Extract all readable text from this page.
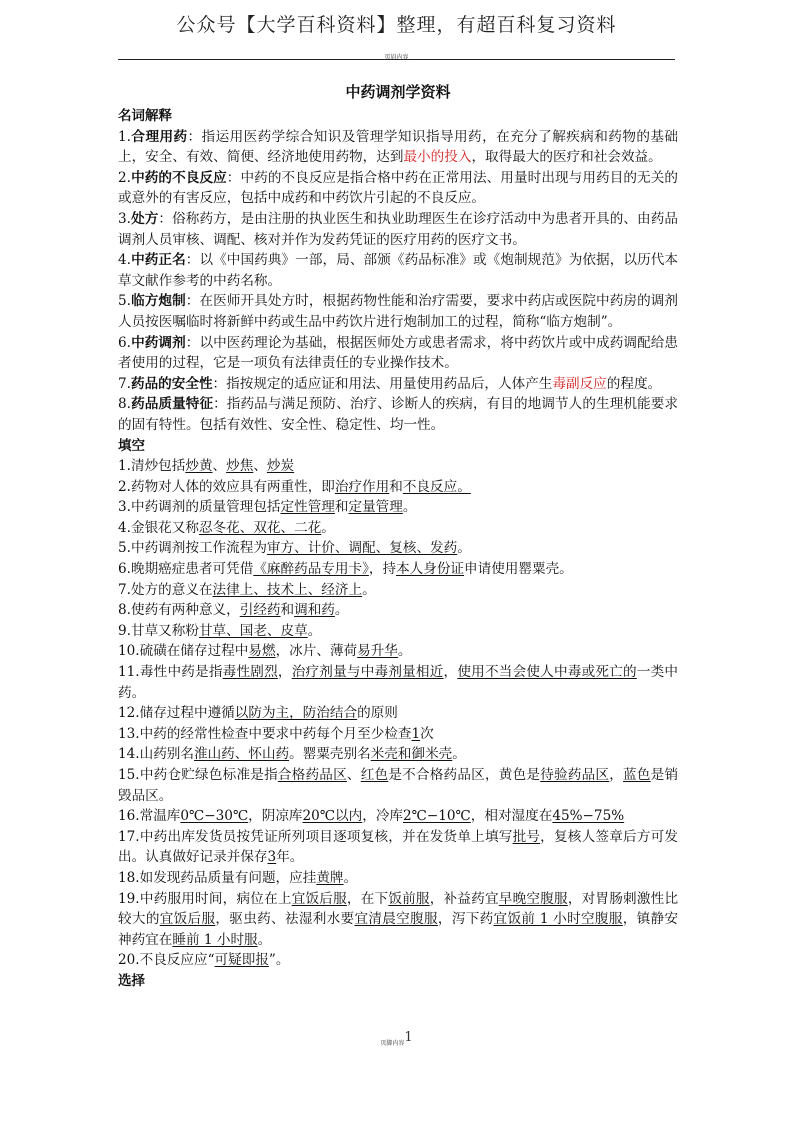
公众号【大学百科资料】整理，有超百科复习资料
页眉内容
中药调剂学资料
名词解释

1.合理用药：指运用医药学综合知识及管理学知识指导用药，在充分了解疾病和药物的基础上，安全、有效、简便、经济地使用药物，达到最小的投入，取得最大的医疗和社会效益。

2.中药的不良反应：中药的不良反应是指合格中药在正常用法、用量时出现与用药目的无关的或意外的有害反应，包括中成药和中药饮片引起的不良反应。

3.处方：俗称药方，是由注册的执业医生和执业助理医生在诊疗活动中为患者开具的、由药品调剂人员审核、调配、核对并作为发药凭证的医疗用药的医疗文书。

4.中药正名：以《中国药典》一部，局、部颁《药品标准》或《炮制规范》为依据，以历代本草文献作参考的中药名称。

5.临方炮制：在医师开具处方时，根据药物性能和治疗需要，要求中药店或医院中药房的调剂人员按医嘱临时将新鲜中药或生品中药饮片进行炮制加工的过程，简称“临方炮制”。

6.中药调剂：以中医药理论为基础，根据医师处方或患者需求，将中药饮片或中成药调配给患者使用的过程，它是一项负有法律责任的专业操作技术。

7.药品的安全性：指按规定的适应证和用法、用量使用药品后，人体产生毒副反应的程度。

8.药品质量特征：指药品与满足预防、治疗、诊断人的疾病，有目的地调节人的生理机能要求的固有特性。包括有效性、安全性、稳定性、均一性。

填空

1.清炒包括炒黄、炒焦、炒炭

2.药物对人体的效应具有两重性，即治疗作用和不良反应。

3.中药调剂的质量管理包括定性管理和定量管理。

4.金银花又称忍冬花、双花、二花。

5.中药调剂按工作流程为审方、计价、调配、复核、发药。

6.晚期癌症患者可凭借《麻醉药品专用卡》，持本人身份证申请使用罂粟壳。

7.处方的意义在法律上、技术上、经济上。

8.使药有两种意义，引经药和调和药。

9.甘草又称粉甘草、国老、皮草。

10.硫磺在储存过程中易燃，冰片、薄荷易升华。

11.毒性中药是指毒性剧烈，治疗剂量与中毒剂量相近，使用不当会使人中毒或死亡的一类中药。

12.储存过程中遵循以防为主，防治结合的原则

13.中药的经常性检查中要求中药每个月至少检查1次

14.山药别名淮山药、怀山药。罂粟壳别名米壳和御米壳。

15.中药仓贮绿色标准是指合格药品区、红色是不合格药品区，黄色是待验药品区，蓝色是销毁品区。

16.常温库0℃−30℃，阴凉库20℃以内，冷库2℃−10℃，相对湿度在45%−75%

17.中药出库发货员按凭证所列项目逐项复核，并在发货单上填写批号，复核人签章后方可发出。认真做好记录并保存3年。

18.如发现药品质量有问题，应挂黄牌。

19.中药服用时间，病位在上宜饭后服，在下饭前服，补益药宜早晚空腹服，对胃肠刺激性比较大的宜饭后服，驱虫药、祛湿利水要宜清晨空腹服，泻下药宜饭前 1 小时空腹服，镇静安神药宜在睡前 1 小时服。

20.不良反应应“可疑即报”。

选择
页脚内容1
